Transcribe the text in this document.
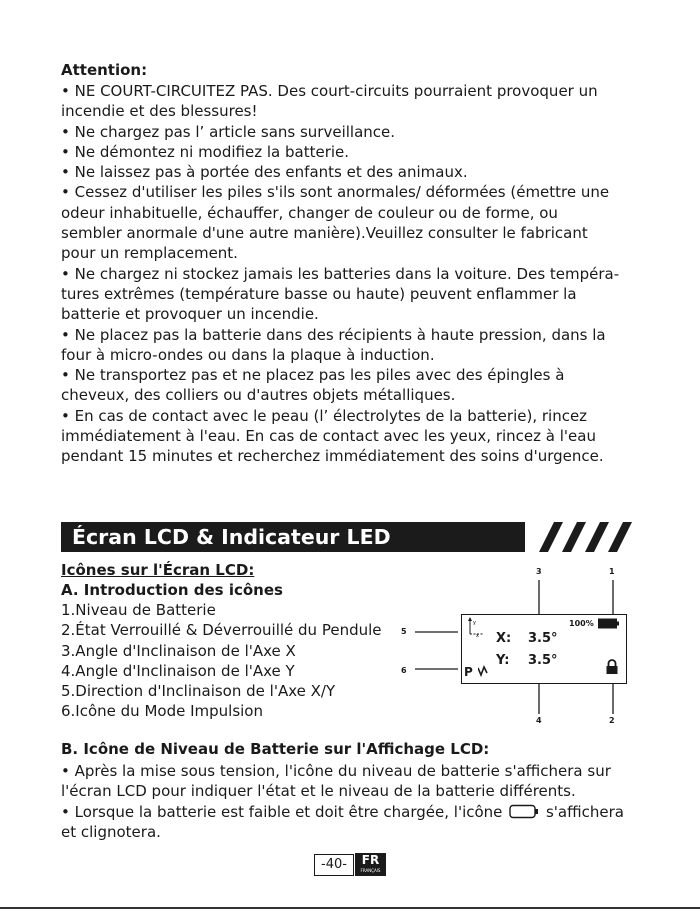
Attention:
• NE COURT-CIRCUITEZ PAS. Des court-circuits pourraient provoquer un
incendie et des blessures!
• Ne chargez pas l’ article sans surveillance.
• Ne démontez ni modifiez la batterie.
• Ne laissez pas à portée des enfants et des animaux.
• Cessez d'utiliser les piles s'ils sont anormales/ déformées (émettre une
odeur inhabituelle, échauffer, changer de couleur ou de forme, ou
sembler anormale d'une autre manière).Veuillez consulter le fabricant
pour un remplacement.
• Ne chargez ni stockez jamais les batteries dans la voiture. Des tempéra-
tures extrêmes (température basse ou haute) peuvent enflammer la
batterie et provoquer un incendie.
• Ne placez pas la batterie dans des récipients à haute pression, dans la
four à micro-ondes ou dans la plaque à induction.
• Ne transportez pas et ne placez pas les piles avec des épingles à
cheveux, des colliers ou d'autres objets métalliques.
• En cas de contact avec le peau (l’ électrolytes de la batterie), rincez
immédiatement à l'eau. En cas de contact avec les yeux, rincez à l'eau
pendant 15 minutes et recherchez immédiatement des soins d'urgence.
Écran LCD & Indicateur LED
Icônes sur l'Écran LCD:
A. Introduction des icônes
1.Niveau de Batterie
2.État Verrouillé & Déverrouillé du Pendule
3.Angle d'Inclinaison de l'Axe X
4.Angle d'Inclinaison de l'Axe Y
5.Direction d'Inclinaison de l'Axe X/Y
6.Icône du Mode Impulsion
3	1
5
6
4	2
x
y	100%
X: 3.5°
Y: 3.5°
P
B. Icône de Niveau de Batterie sur l'Affichage LCD:
• Après la mise sous tension, l'icône du niveau de batterie s'affichera sur
l'écran LCD pour indiquer l'état et le niveau de la batterie différents.
• Lorsque la batterie est faible et doit être chargée, l'icône	s'affichera
et clignotera.
-40-	FR
FRANÇAIS
